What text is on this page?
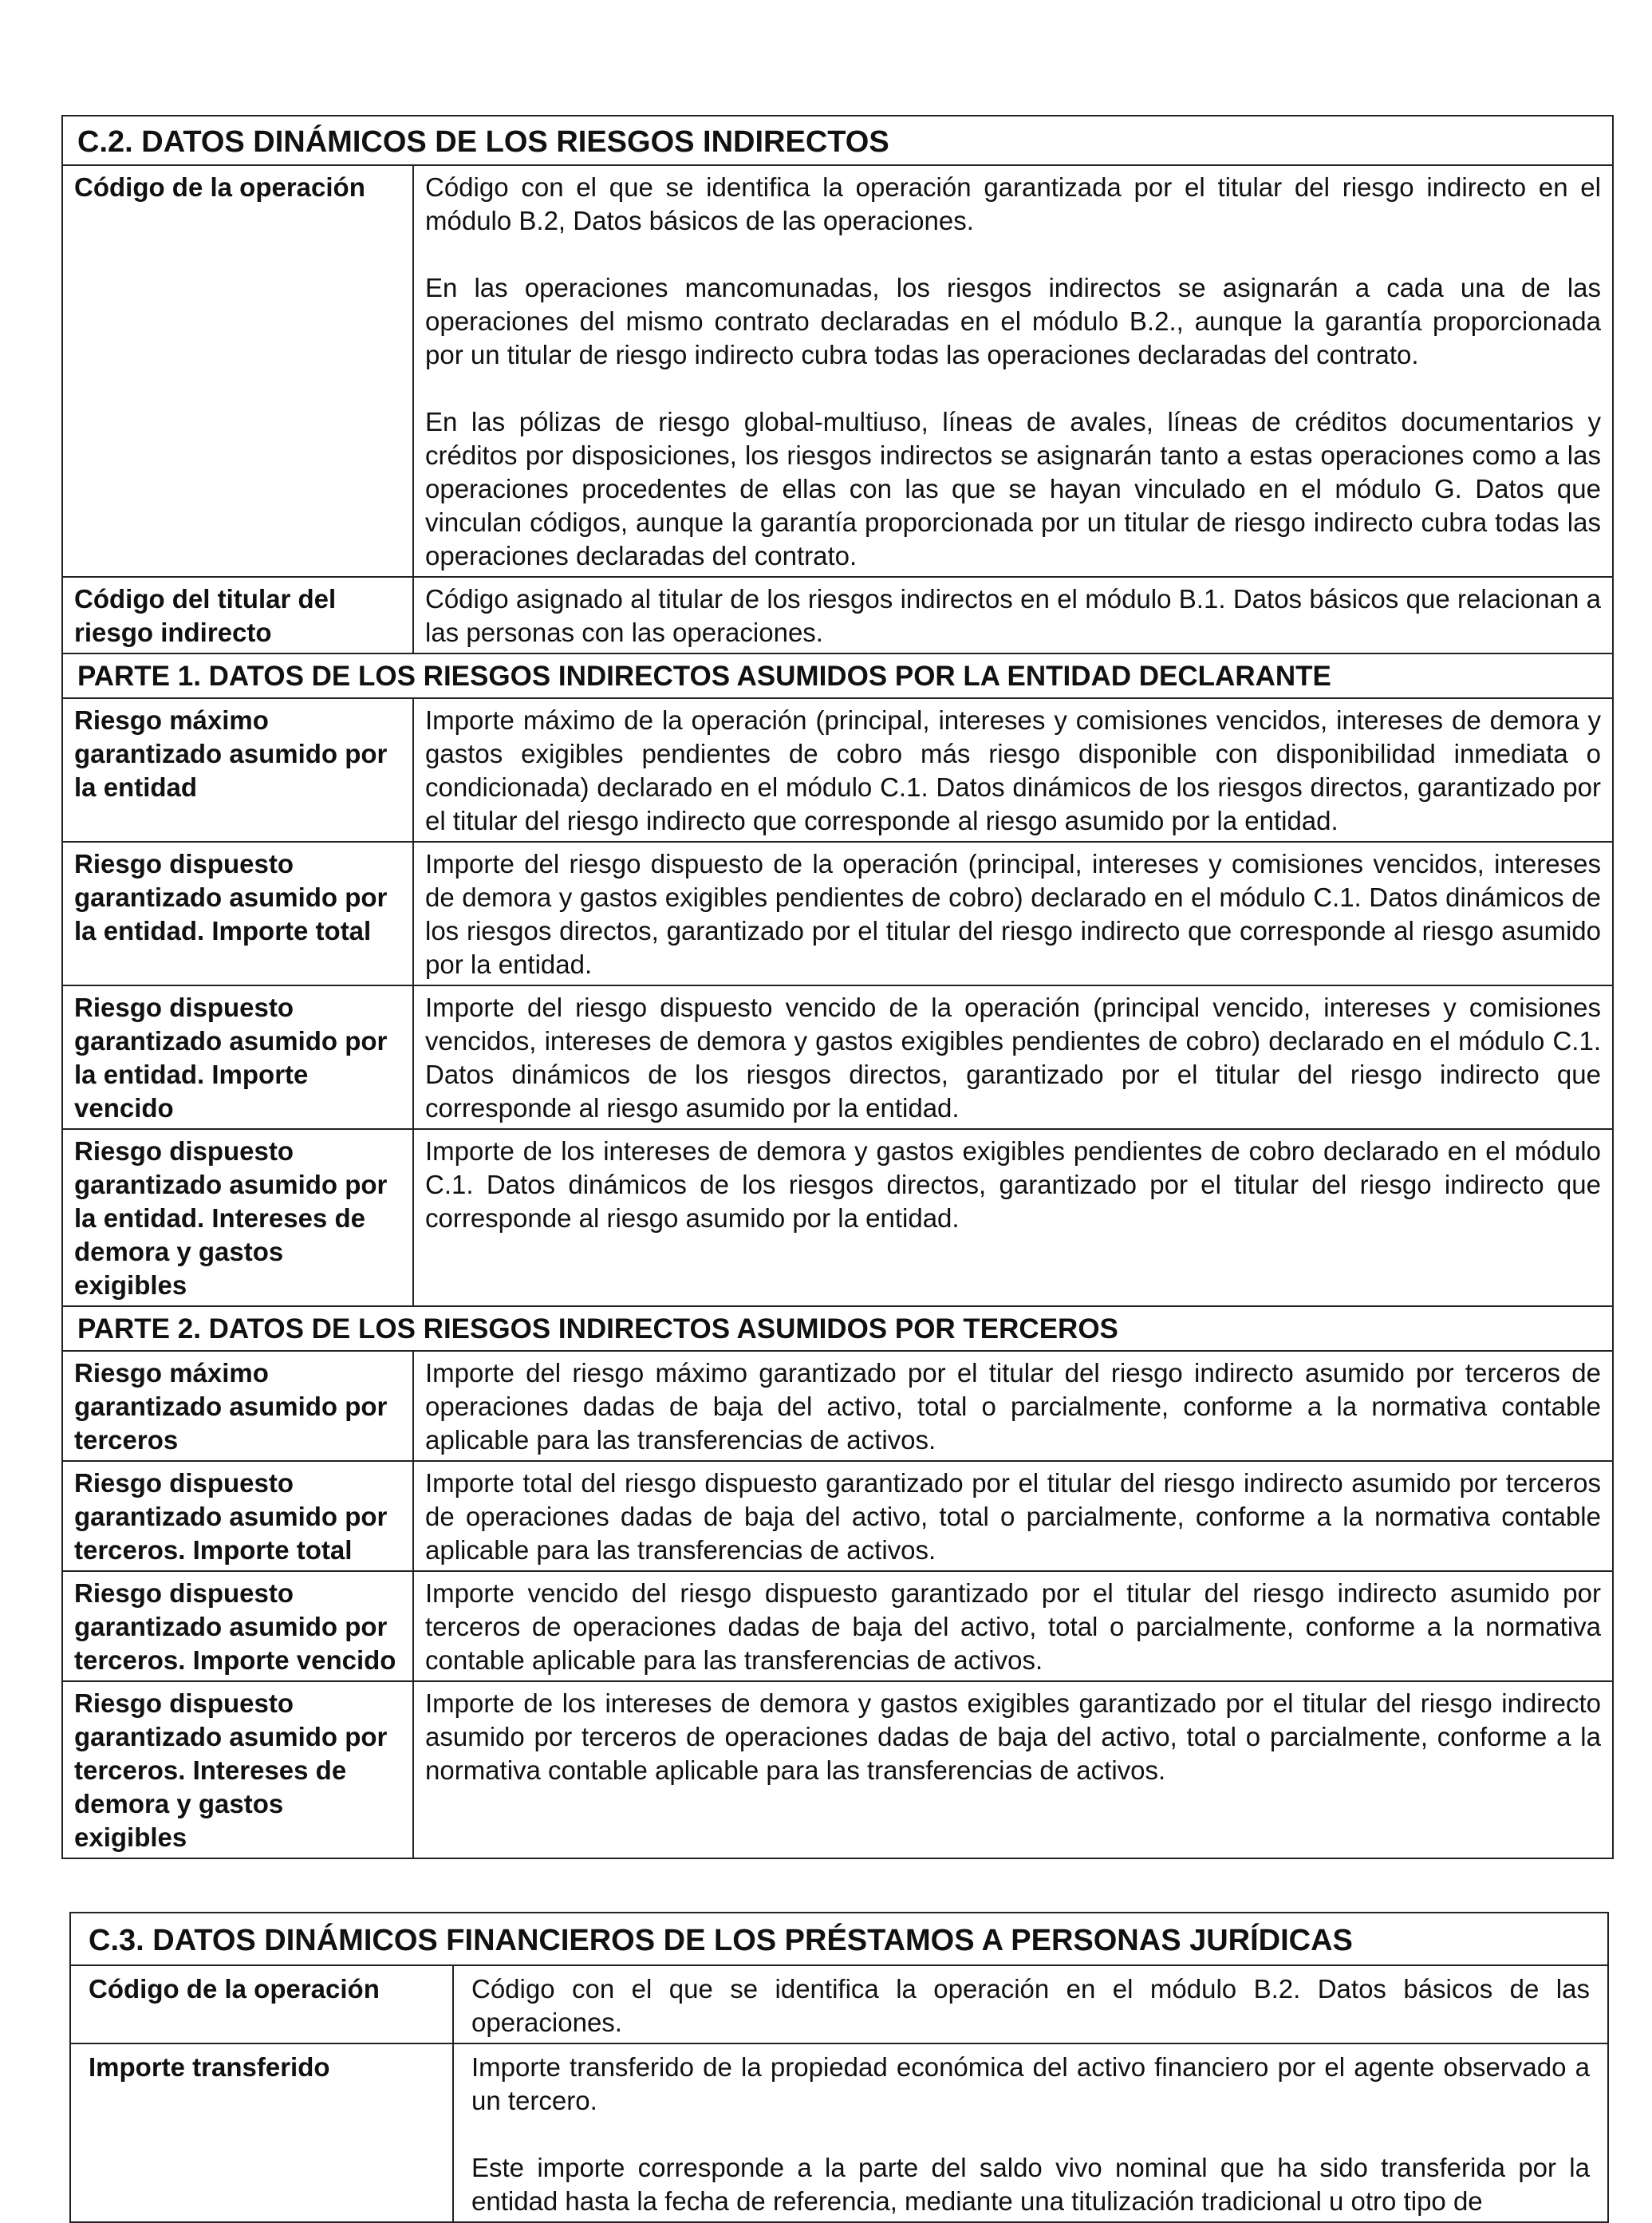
C.2. DATOS DINÁMICOS DE LOS RIESGOS INDIRECTOS	
Código de la operación	Código con el que se identifica la operación garantizada por el titular del riesgo indirecto en el módulo B.2, Datos básicos de las operaciones.

En las operaciones mancomunadas, los riesgos indirectos se asignarán a cada una de las operaciones del mismo contrato declaradas en el módulo B.2., aunque la garantía proporcionada por un titular de riesgo indirecto cubra todas las operaciones declaradas del contrato.

En las pólizas de riesgo global-multiuso, líneas de avales, líneas de créditos documentarios y créditos por disposiciones, los riesgos indirectos se asignarán tanto a estas operaciones como a las operaciones procedentes de ellas con las que se hayan vinculado en el módulo G. Datos que vinculan códigos, aunque la garantía proporcionada por un titular de riesgo indirecto cubra todas las operaciones declaradas del contrato.

Código del titular del riesgo indirecto	Código asignado al titular de los riesgos indirectos en el módulo B.1. Datos básicos que relacionan a las personas con las operaciones.
PARTE 1. DATOS DE LOS RIESGOS INDIRECTOS ASUMIDOS POR LA ENTIDAD DECLARANTE	
Riesgo máximo garantizado asumido por la entidad	Importe máximo de la operación (principal, intereses y comisiones vencidos, intereses de demora y gastos exigibles pendientes de cobro más riesgo disponible con disponibilidad inmediata o condicionada) declarado en el módulo C.1. Datos dinámicos de los riesgos directos, garantizado por el titular del riesgo indirecto que corresponde al riesgo asumido por la entidad.
Riesgo dispuesto garantizado asumido por la entidad. Importe total	Importe del riesgo dispuesto de la operación (principal, intereses y comisiones vencidos, intereses de demora y gastos exigibles pendientes de cobro) declarado en el módulo C.1. Datos dinámicos de los riesgos directos, garantizado por el titular del riesgo indirecto que corresponde al riesgo asumido por la entidad.
Riesgo dispuesto garantizado asumido por la entidad. Importe vencido	Importe del riesgo dispuesto vencido de la operación (principal vencido, intereses y comisiones vencidos, intereses de demora y gastos exigibles pendientes de cobro) declarado en el módulo C.1. Datos dinámicos de los riesgos directos, garantizado por el titular del riesgo indirecto que corresponde al riesgo asumido por la entidad.
Riesgo dispuesto garantizado asumido por la entidad. Intereses de demora y gastos exigibles	Importe de los intereses de demora y gastos exigibles pendientes de cobro declarado en el módulo C.1. Datos dinámicos de los riesgos directos, garantizado por el titular del riesgo indirecto que corresponde al riesgo asumido por la entidad.
PARTE 2. DATOS DE LOS RIESGOS INDIRECTOS ASUMIDOS POR TERCEROS	
Riesgo máximo garantizado asumido por terceros	Importe del riesgo máximo garantizado por el titular del riesgo indirecto asumido por terceros de operaciones dadas de baja del activo, total o parcialmente, conforme a la normativa contable aplicable para las transferencias de activos.
Riesgo dispuesto garantizado asumido por terceros. Importe total	Importe total del riesgo dispuesto garantizado por el titular del riesgo indirecto asumido por terceros de operaciones dadas de baja del activo, total o parcialmente, conforme a la normativa contable aplicable para las transferencias de activos.
Riesgo dispuesto garantizado asumido por terceros. Importe vencido	Importe vencido del riesgo dispuesto garantizado por el titular del riesgo indirecto asumido por terceros de operaciones dadas de baja del activo, total o parcialmente, conforme a la normativa contable aplicable para las transferencias de activos.
Riesgo dispuesto garantizado asumido por terceros. Intereses de demora y gastos exigibles	Importe de los intereses de demora y gastos exigibles garantizado por el titular del riesgo indirecto asumido por terceros de operaciones dadas de baja del activo, total o parcialmente, conforme a la normativa contable aplicable para las transferencias de activos.
C.3. DATOS DINÁMICOS FINANCIEROS DE LOS PRÉSTAMOS A PERSONAS JURÍDICAS	
Código de la operación	Código con el que se identifica la operación en el módulo B.2. Datos básicos de las operaciones.
Importe transferido	Importe transferido de la propiedad económica del activo financiero por el agente observado a un tercero.

Este importe corresponde a la parte del saldo vivo nominal que ha sido transferida por la entidad hasta la fecha de referencia, mediante una titulización tradicional u otro tipo de
